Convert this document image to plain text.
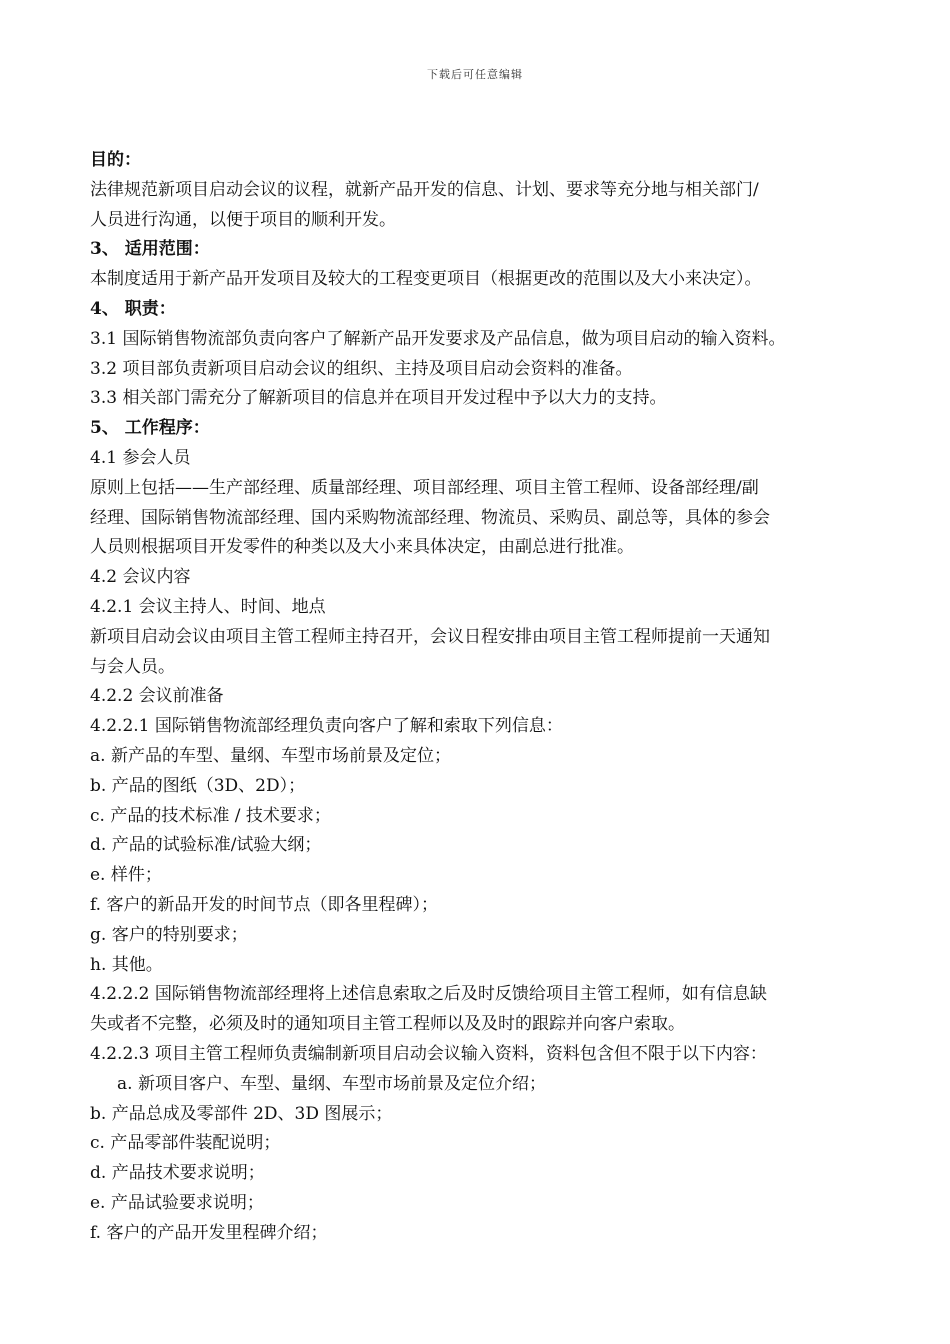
下载后可任意编辑
目的：
法律规范新项目启动会议的议程，就新产品开发的信息、计划、要求等充分地与相关部门/
人员进行沟通，以便于项目的顺利开发。
3、 适用范围：
本制度适用于新产品开发项目及较大的工程变更项目（根据更改的范围以及大小来决定）。
4、 职责：
3.1 国际销售物流部负责向客户了解新产品开发要求及产品信息，做为项目启动的输入资料。
3.2 项目部负责新项目启动会议的组织、主持及项目启动会资料的准备。
3.3 相关部门需充分了解新项目的信息并在项目开发过程中予以大力的支持。
5、 工作程序：
4.1 参会人员
原则上包括——生产部经理、质量部经理、项目部经理、项目主管工程师、设备部经理/副
经理、国际销售物流部经理、国内采购物流部经理、物流员、采购员、副总等，具体的参会
人员则根据项目开发零件的种类以及大小来具体决定，由副总进行批准。
4.2 会议内容
4.2.1 会议主持人、时间、地点
新项目启动会议由项目主管工程师主持召开，会议日程安排由项目主管工程师提前一天通知
与会人员。
4.2.2 会议前准备
4.2.2.1 国际销售物流部经理负责向客户了解和索取下列信息：
a. 新产品的车型、量纲、车型市场前景及定位；
b. 产品的图纸（3D、2D）；
c. 产品的技术标准 / 技术要求；
d. 产品的试验标准/试验大纲；
e. 样件；
f. 客户的新品开发的时间节点（即各里程碑）；
g. 客户的特别要求；
h. 其他。
4.2.2.2 国际销售物流部经理将上述信息索取之后及时反馈给项目主管工程师，如有信息缺
失或者不完整，必须及时的通知项目主管工程师以及及时的跟踪并向客户索取。
4.2.2.3 项目主管工程师负责编制新项目启动会议输入资料，资料包含但不限于以下内容：
a. 新项目客户、车型、量纲、车型市场前景及定位介绍；
b. 产品总成及零部件 2D、3D 图展示；
c. 产品零部件装配说明；
d. 产品技术要求说明；
e. 产品试验要求说明；
f. 客户的产品开发里程碑介绍；
